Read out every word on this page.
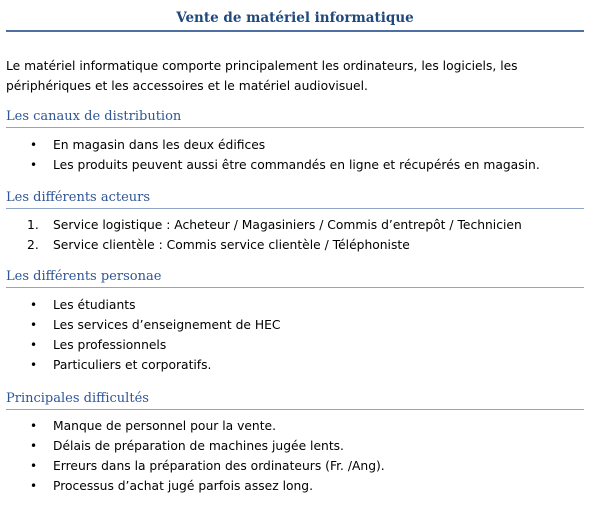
Vente de matériel informatique

Le matériel informatique comporte principalement les ordinateurs, les logiciels, les périphériques et les accessoires et le matériel audiovisuel.

Les canaux de distribution
• En magasin dans les deux édifices
• Les produits peuvent aussi être commandés en ligne et récupérés en magasin.
Les différents acteurs
1. Service logistique : Acheteur / Magasiniers / Commis d’entrepôt / Technicien
2. Service clientèle : Commis service clientèle / Téléphoniste
Les différents personae
• Les étudiants
• Les services d’enseignement de HEC
• Les professionnels
• Particuliers et corporatifs.
Principales difficultés
• Manque de personnel pour la vente.
• Délais de préparation de machines jugée lents.
• Erreurs dans la préparation des ordinateurs (Fr. /Ang).
• Processus d’achat jugé parfois assez long.
